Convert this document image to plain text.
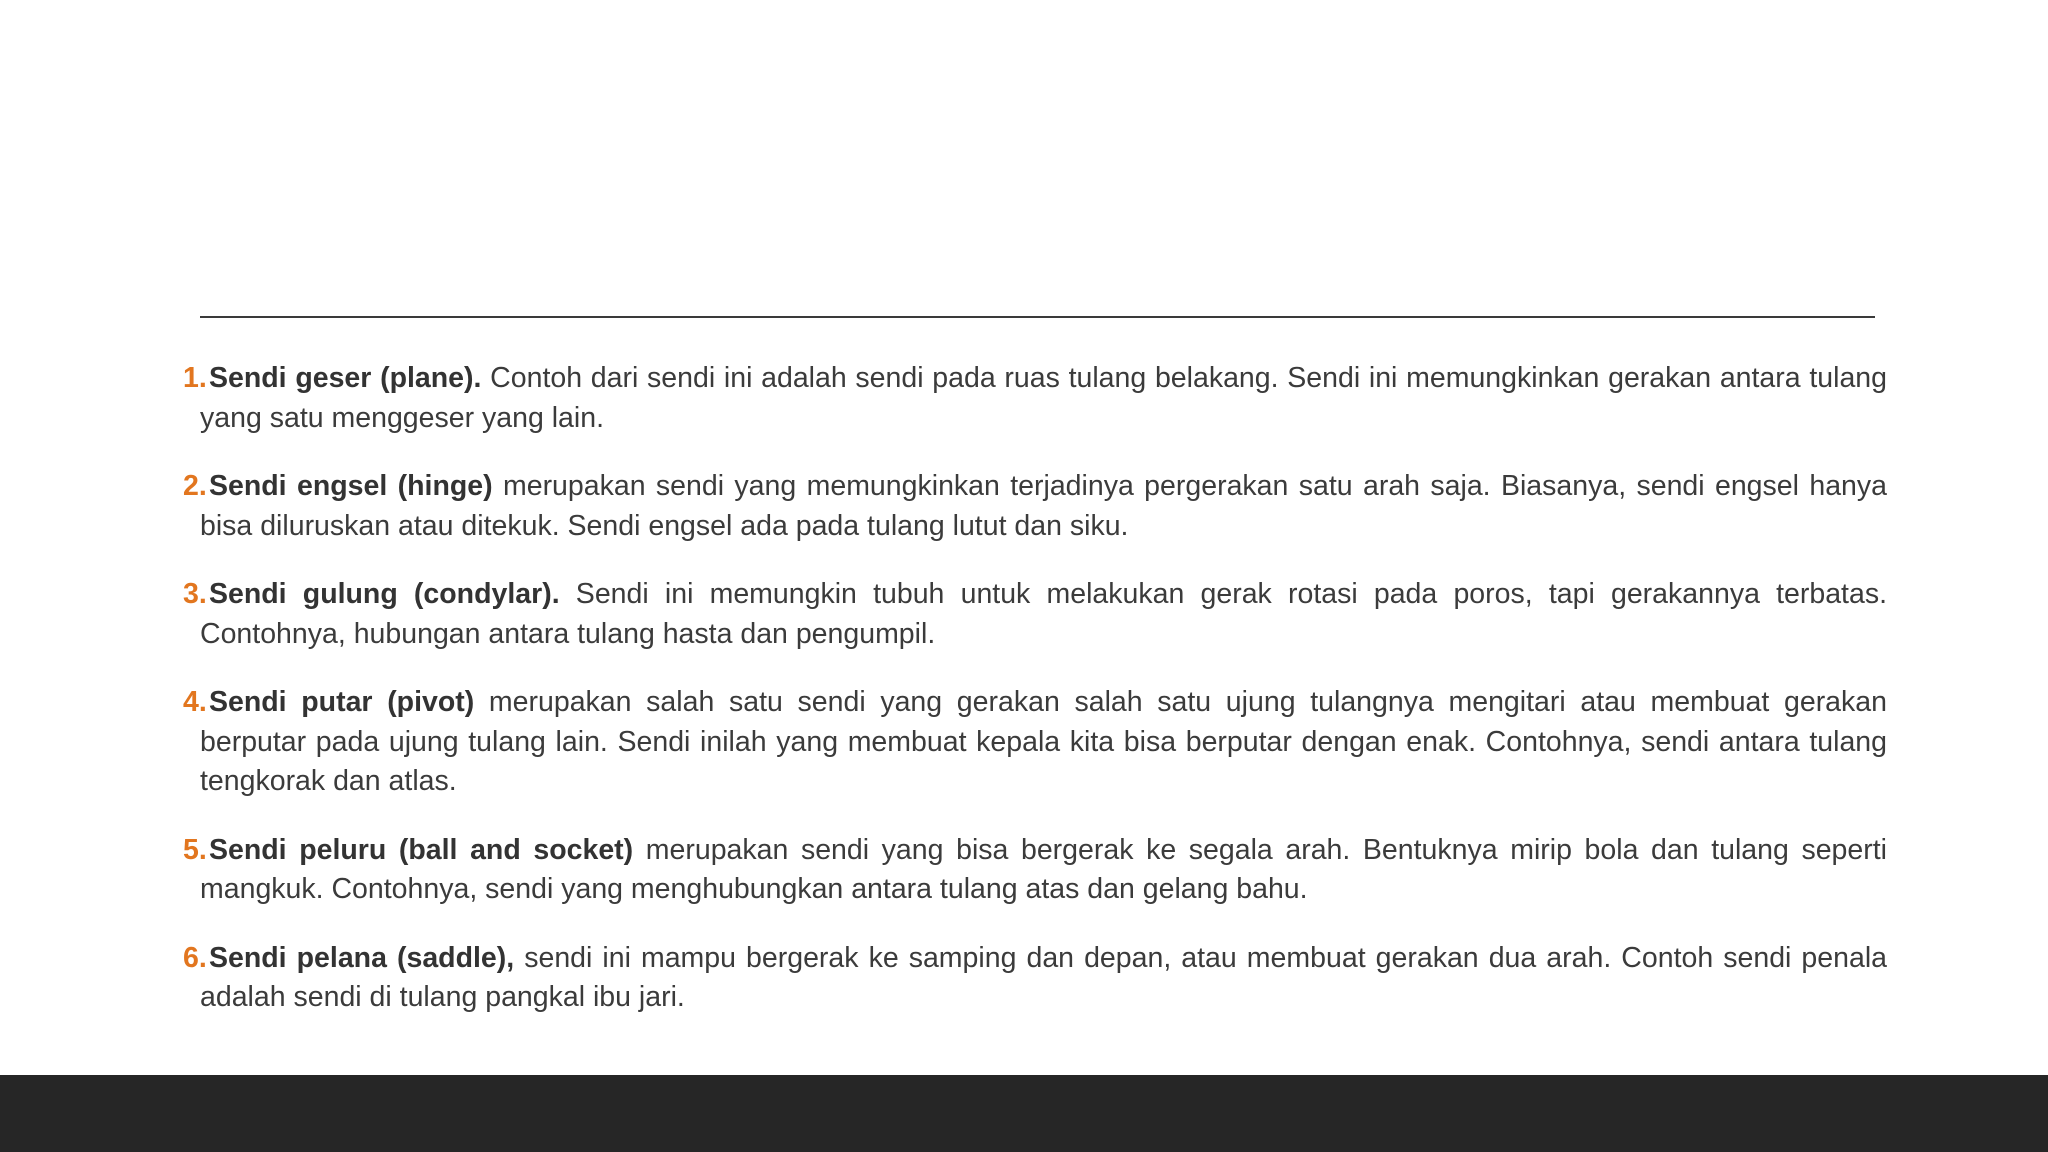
1. Sendi geser (plane). Contoh dari sendi ini adalah sendi pada ruas tulang belakang. Sendi ini memungkinkan gerakan antara tulang yang satu menggeser yang lain.
2. Sendi engsel (hinge) merupakan sendi yang memungkinkan terjadinya pergerakan satu arah saja. Biasanya, sendi engsel hanya bisa diluruskan atau ditekuk. Sendi engsel ada pada tulang lutut dan siku.
3. Sendi gulung (condylar). Sendi ini memungkin tubuh untuk melakukan gerak rotasi pada poros, tapi gerakannya terbatas. Contohnya, hubungan antara tulang hasta dan pengumpil.
4. Sendi putar (pivot) merupakan salah satu sendi yang gerakan salah satu ujung tulangnya mengitari atau membuat gerakan berputar pada ujung tulang lain. Sendi inilah yang membuat kepala kita bisa berputar dengan enak. Contohnya, sendi antara tulang tengkorak dan atlas.
5. Sendi peluru (ball and socket) merupakan sendi yang bisa bergerak ke segala arah. Bentuknya mirip bola dan tulang seperti mangkuk. Contohnya, sendi yang menghubungkan antara tulang atas dan gelang bahu.
6. Sendi pelana (saddle), sendi ini mampu bergerak ke samping dan depan, atau membuat gerakan dua arah. Contoh sendi penala adalah sendi di tulang pangkal ibu jari.
